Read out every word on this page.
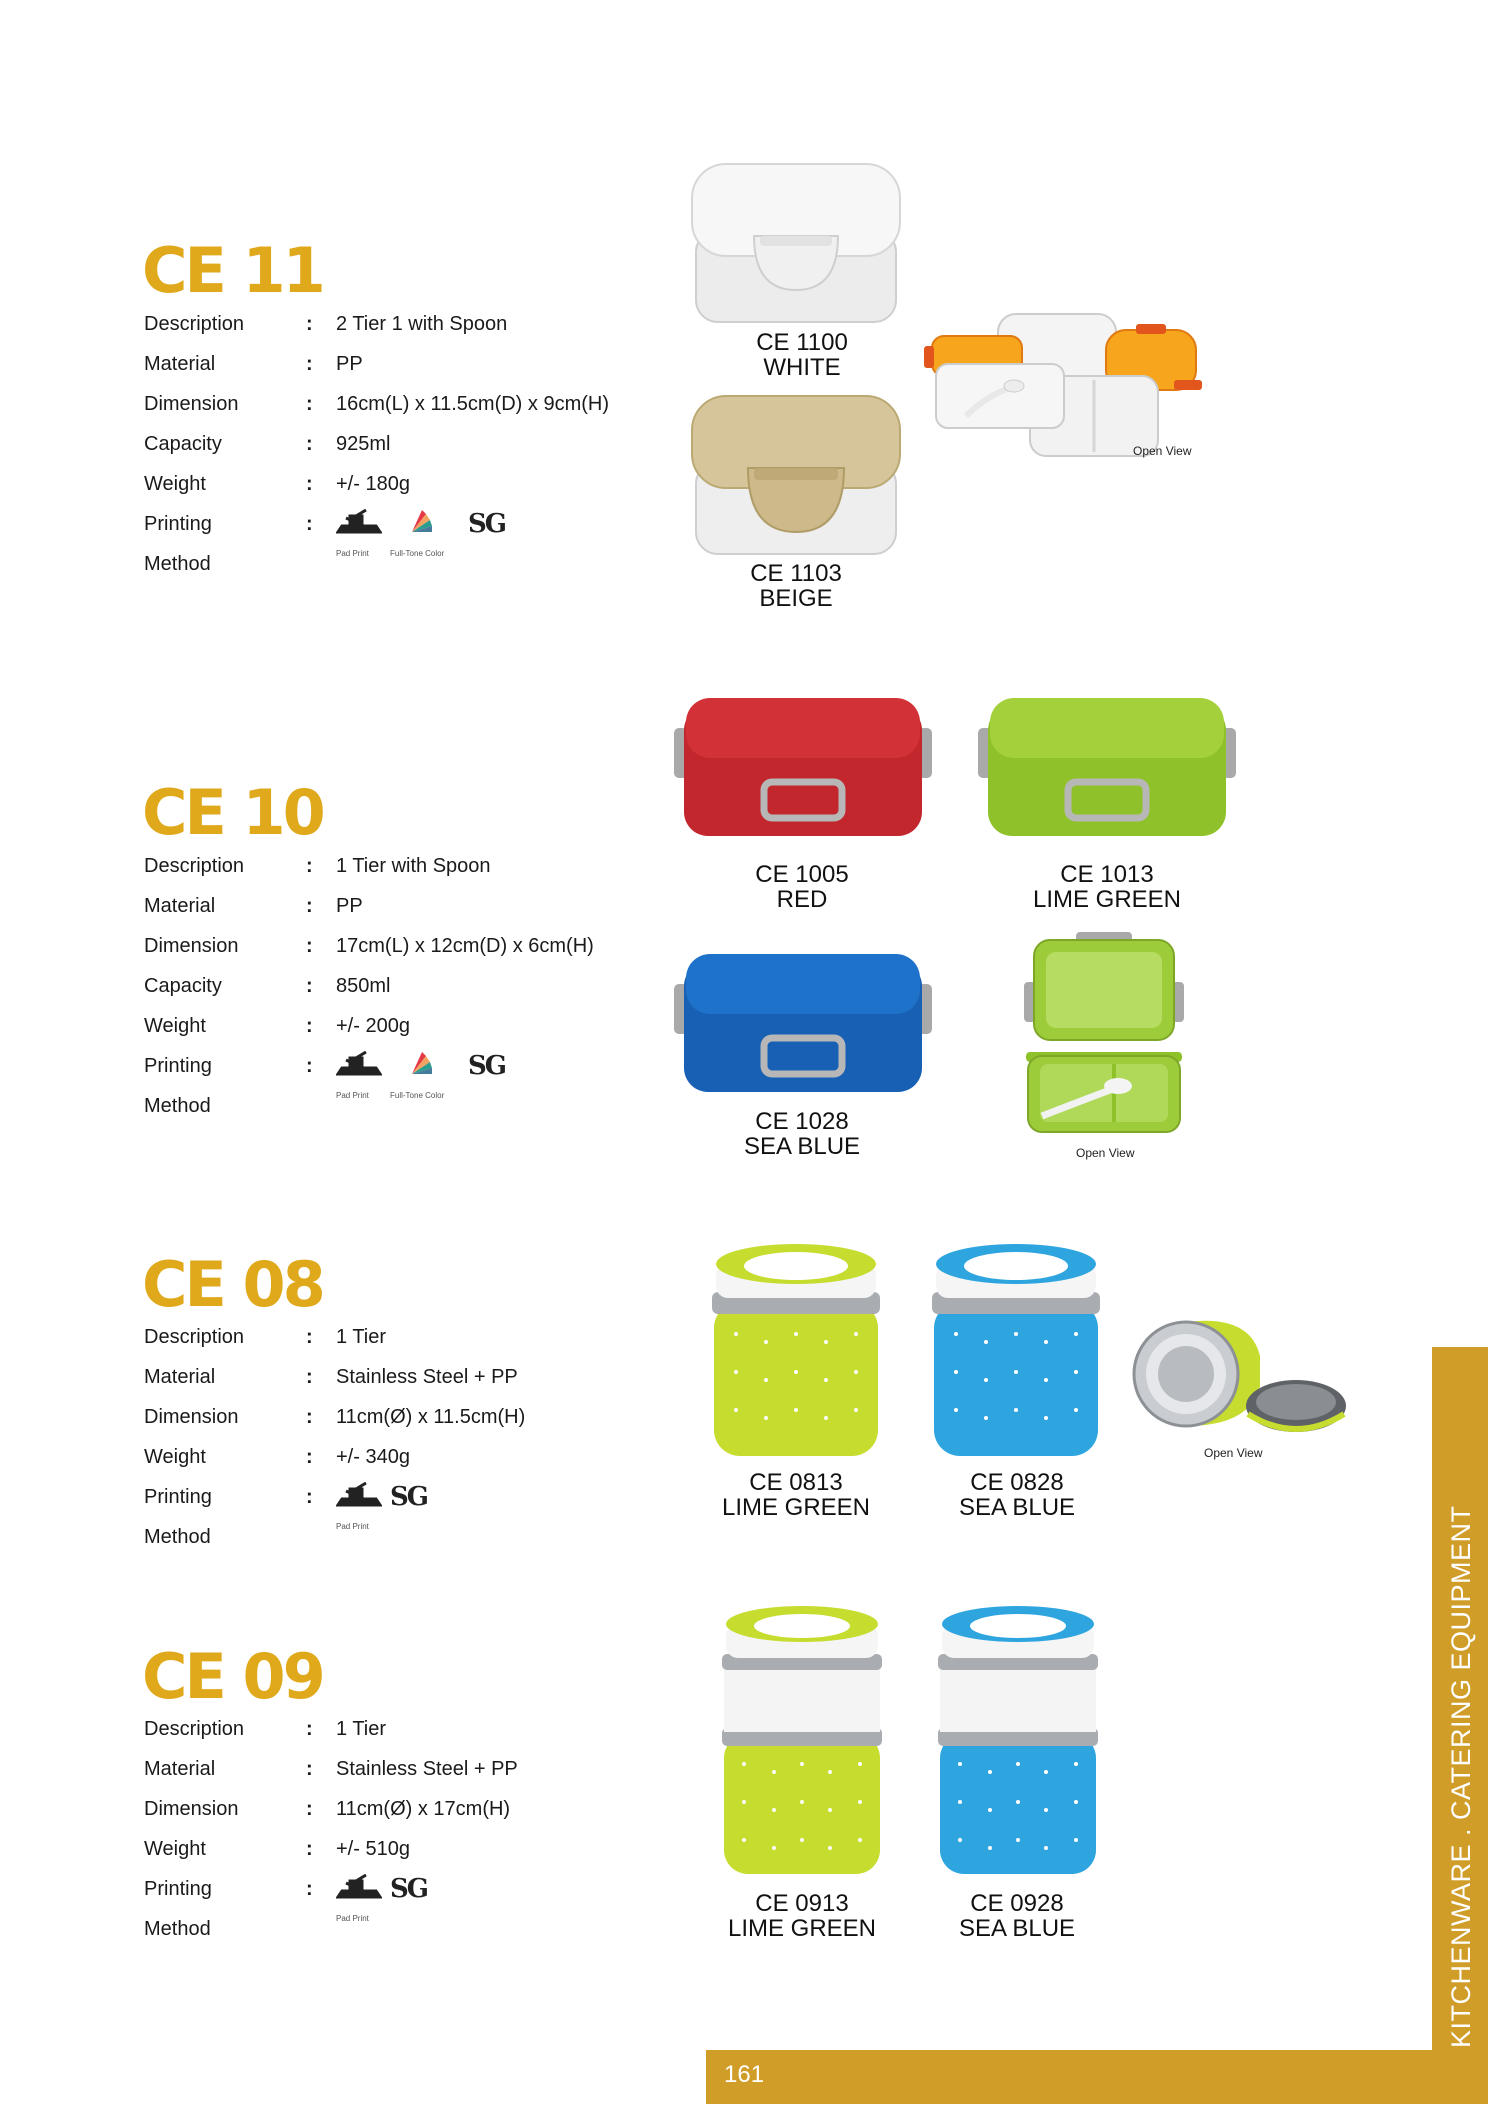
CE 11
Description	: 2 Tier 1 with Spoon
Material	: PP
Dimension	: 16cm(L) x 11.5cm(D) x 9cm(H)
Capacity	: 925ml
Weight	: +/- 180g
Printing Method
:
Pad Print	Full-Tone Color
SG
CE 1100
WHITE
CE 1103
BEIGE
Open View
CE 10
Description	: 1 Tier with Spoon
Material	: PP
Dimension	: 17cm(L) x 12cm(D) x 6cm(H)
Capacity	: 850ml
Weight	: +/- 200g
Printing Method
:
Pad Print	Full-Tone Color
SG
CE 1005
RED
CE 1013
LIME GREEN
CE 1028
SEA BLUE	Open View
CE 08
Description	: 1 Tier
Material	: Stainless Steel + PP
Dimension	: 11cm(Ø) x 11.5cm(H)
Weight	: +/- 340g
Printing Method
:
Pad Print
SG	CE 0813
LIME GREEN
CE 0828
SEA BLUE
Open View
CE 09
Description	: 1 Tier
Material	: Stainless Steel + PP
Dimension	: 11cm(Ø) x 17cm(H)
Weight	: +/- 510g
Printing Method
:
Pad Print
SG	CE 0913
LIME GREEN
CE 0928
SEA BLUE	KITCHENWARE . CATERING EQUIPMENT
161
